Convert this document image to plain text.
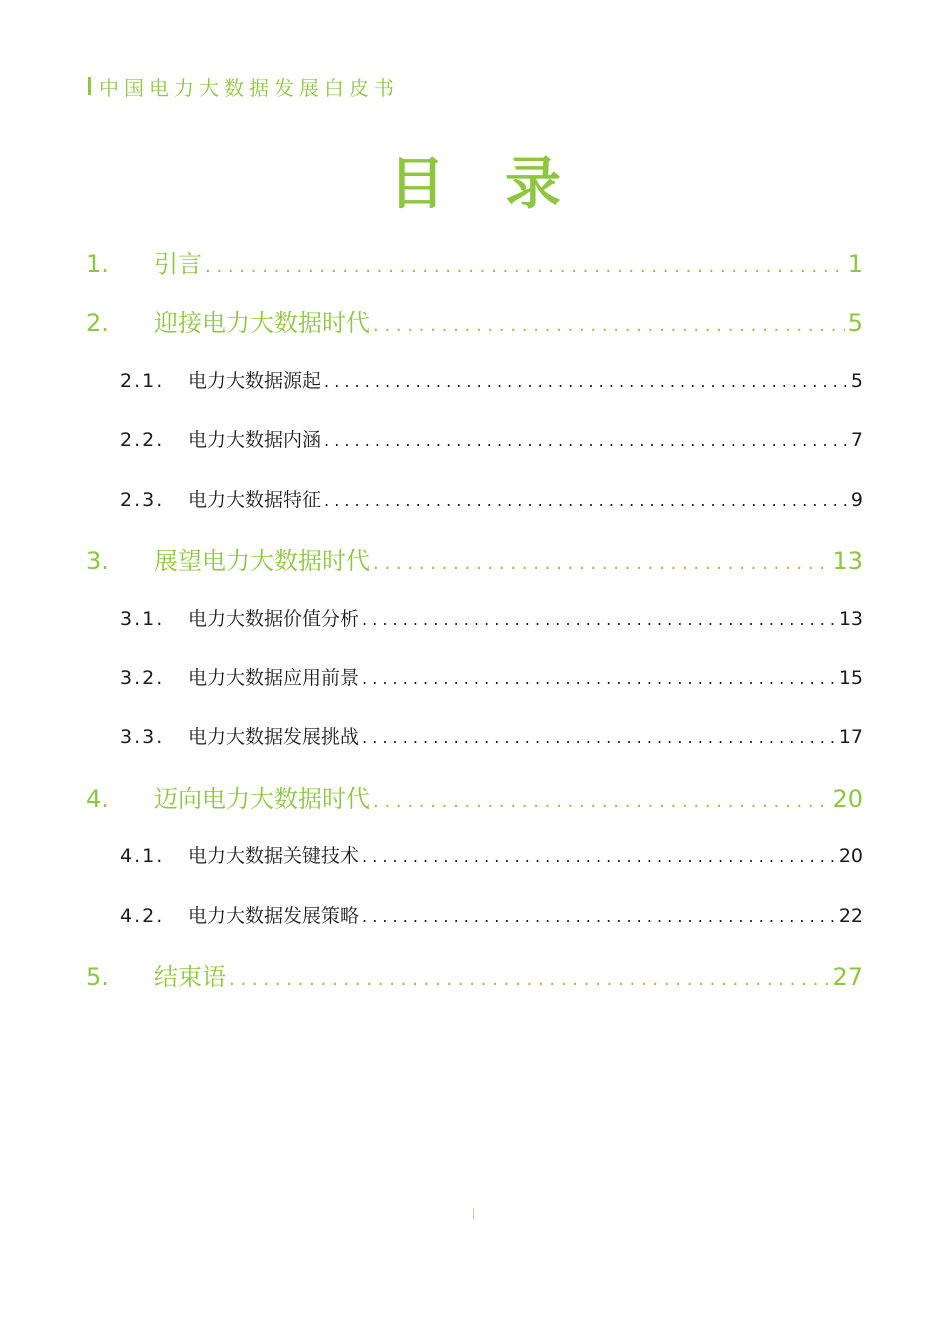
中国电力大数据发展白皮书
目录
1.	引言 . . .	1
2.	迎接电力大数据时代 . . .	5
2.1.	电力大数据源起 . . .	5
2.2.	电力大数据内涵 . . .	7
2.3.	电力大数据特征 . . .	9
3.	展望电力大数据时代 . . .	13
3.1.	电力大数据价值分析 . . .	13
3.2.	电力大数据应用前景 . . .	15
3.3.	电力大数据发展挑战 . . .	17
4.	迈向电力大数据时代 . . .	20
4.1.	电力大数据关键技术 . . .	20
4.2.	电力大数据发展策略 . . .	22
5.	结束语 . . .	27
